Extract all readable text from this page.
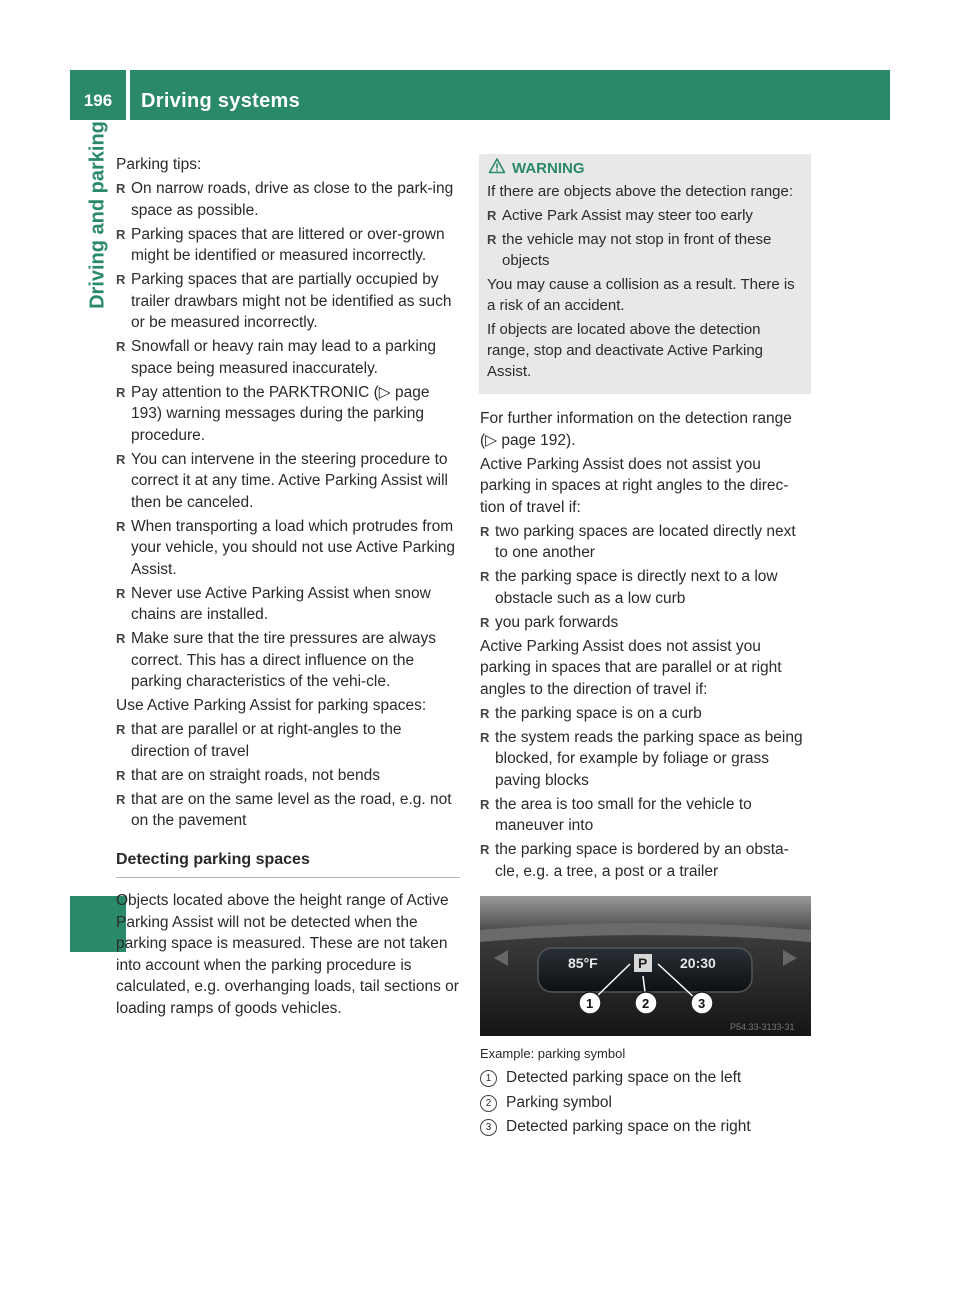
196	Driving systems
Driving and parking Parking tips:

R On narrow roads, drive as close to the park-ing space as possible.
R Parking spaces that are littered or over-grown might be identified or measured incorrectly.
R Parking spaces that are partially occupied by trailer drawbars might not be identified as such or be measured incorrectly.
R Snowfall or heavy rain may lead to a parking space being measured inaccurately.
R Pay attention to the PARKTRONIC (▷ page 193) warning messages during the parking procedure.
R You can intervene in the steering procedure to correct it at any time. Active Parking Assist will then be canceled.
R When transporting a load which protrudes from your vehicle, you should not use Active Parking Assist.
R Never use Active Parking Assist when snow chains are installed.
R Make sure that the tire pressures are always correct. This has a direct influence on the parking characteristics of the vehi-cle.

Use Active Parking Assist for parking spaces:

R that are parallel or at right-angles to the direction of travel
R that are on straight roads, not bends
R that are on the same level as the road, e.g. not on the pavement
Detecting parking spaces

Objects located above the height range of Active Parking Assist will not be detected when the parking space is measured. These are not taken into account when the parking procedure is calculated, e.g. overhanging loads, tail sections or loading ramps of goods vehicles.

WARNING

If there are objects above the detection range:

R Active Park Assist may steer too early
R the vehicle may not stop in front of these objects

You may cause a collision as a result. There is a risk of an accident.

If objects are located above the detection range, stop and deactivate Active Parking Assist.

For further information on the detection range (▷ page 192).

Active Parking Assist does not assist you parking in spaces at right angles to the direc-tion of travel if:

R two parking spaces are located directly next to one another
R the parking space is directly next to a low obstacle such as a low curb
R you park forwards

Active Parking Assist does not assist you parking in spaces that are parallel or at right angles to the direction of travel if:

R the parking space is on a curb
R the system reads the parking space as being blocked, for example by foliage or grass paving blocks
R the area is too small for the vehicle to maneuver into
R the parking space is bordered by an obsta-cle, e.g. a tree, a post or a trailer
85°F	P 20:30
1	2	3
P54.33-3133-31
Example: parking symbol
1 Detected parking space on the left
2 Parking symbol
3 Detected parking space on the right
